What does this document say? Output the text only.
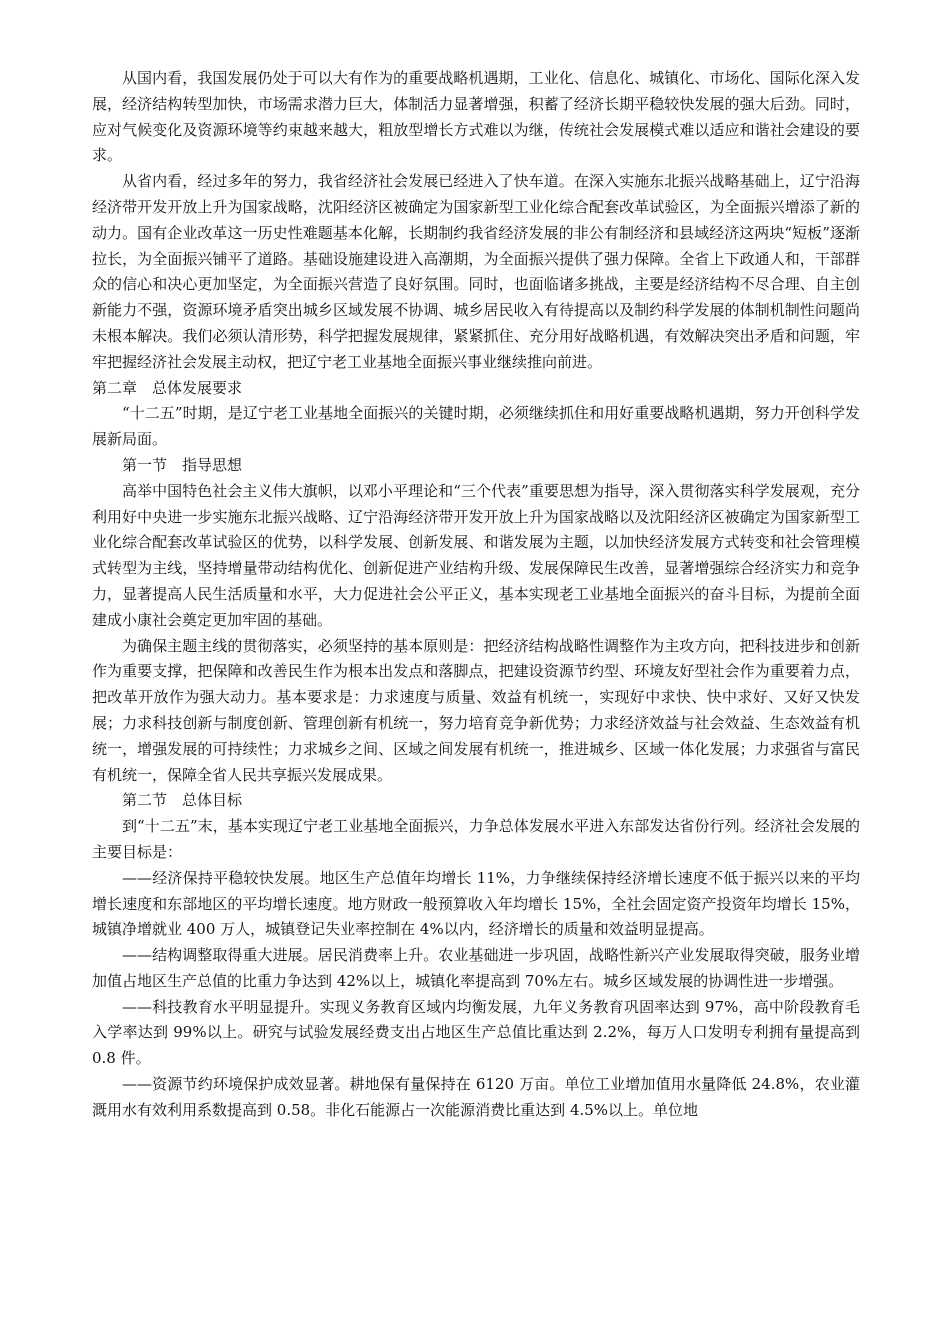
从国内看，我国发展仍处于可以大有作为的重要战略机遇期，工业化、信息化、城镇化、市场化、国际化深入发展，经济结构转型加快，市场需求潜力巨大，体制活力显著增强，积蓄了经济长期平稳较快发展的强大后劲。同时，应对气候变化及资源环境等约束越来越大，粗放型增长方式难以为继，传统社会发展模式难以适应和谐社会建设的要求。

从省内看，经过多年的努力，我省经济社会发展已经进入了快车道。在深入实施东北振兴战略基础上，辽宁沿海经济带开发开放上升为国家战略，沈阳经济区被确定为国家新型工业化综合配套改革试验区，为全面振兴增添了新的动力。国有企业改革这一历史性难题基本化解，长期制约我省经济发展的非公有制经济和县域经济这两块“短板”逐渐拉长，为全面振兴铺平了道路。基础设施建设进入高潮期，为全面振兴提供了强力保障。全省上下政通人和，干部群众的信心和决心更加坚定，为全面振兴营造了良好氛围。同时，也面临诸多挑战，主要是经济结构不尽合理、自主创新能力不强，资源环境矛盾突出城乡区域发展不协调、城乡居民收入有待提高以及制约科学发展的体制机制性问题尚未根本解决。我们必须认清形势，科学把握发展规律，紧紧抓住、充分用好战略机遇，有效解决突出矛盾和问题，牢牢把握经济社会发展主动权，把辽宁老工业基地全面振兴事业继续推向前进。

第二章　总体发展要求

“十二五”时期，是辽宁老工业基地全面振兴的关键时期，必须继续抓住和用好重要战略机遇期，努力开创科学发展新局面。

第一节　指导思想

高举中国特色社会主义伟大旗帜，以邓小平理论和“三个代表”重要思想为指导，深入贯彻落实科学发展观，充分利用好中央进一步实施东北振兴战略、辽宁沿海经济带开发开放上升为国家战略以及沈阳经济区被确定为国家新型工业化综合配套改革试验区的优势，以科学发展、创新发展、和谐发展为主题，以加快经济发展方式转变和社会管理模式转型为主线，坚持增量带动结构优化、创新促进产业结构升级、发展保障民生改善，显著增强综合经济实力和竞争力，显著提高人民生活质量和水平，大力促进社会公平正义，基本实现老工业基地全面振兴的奋斗目标，为提前全面建成小康社会奠定更加牢固的基础。

为确保主题主线的贯彻落实，必须坚持的基本原则是：把经济结构战略性调整作为主攻方向，把科技进步和创新作为重要支撑，把保障和改善民生作为根本出发点和落脚点，把建设资源节约型、环境友好型社会作为重要着力点，把改革开放作为强大动力。基本要求是：力求速度与质量、效益有机统一，实现好中求快、快中求好、又好又快发展；力求科技创新与制度创新、管理创新有机统一，努力培育竞争新优势；力求经济效益与社会效益、生态效益有机统一，增强发展的可持续性；力求城乡之间、区域之间发展有机统一，推进城乡、区域一体化发展；力求强省与富民有机统一，保障全省人民共享振兴发展成果。

第二节　总体目标

到“十二五”末，基本实现辽宁老工业基地全面振兴，力争总体发展水平进入东部发达省份行列。经济社会发展的主要目标是：

——经济保持平稳较快发展。地区生产总值年均增长 11%，力争继续保持经济增长速度不低于振兴以来的平均增长速度和东部地区的平均增长速度。地方财政一般预算收入年均增长 15%，全社会固定资产投资年均增长 15%，城镇净增就业 400 万人，城镇登记失业率控制在 4%以内，经济增长的质量和效益明显提高。

——结构调整取得重大进展。居民消费率上升。农业基础进一步巩固，战略性新兴产业发展取得突破，服务业增加值占地区生产总值的比重力争达到 42%以上，城镇化率提高到 70%左右。城乡区域发展的协调性进一步增强。

——科技教育水平明显提升。实现义务教育区域内均衡发展，九年义务教育巩固率达到 97%，高中阶段教育毛入学率达到 99%以上。研究与试验发展经费支出占地区生产总值比重达到 2.2%，每万人口发明专利拥有量提高到 0.8 件。

——资源节约环境保护成效显著。耕地保有量保持在 6120 万亩。单位工业增加值用水量降低 24.8%，农业灌溉用水有效利用系数提高到 0.58。非化石能源占一次能源消费比重达到 4.5%以上。单位地
